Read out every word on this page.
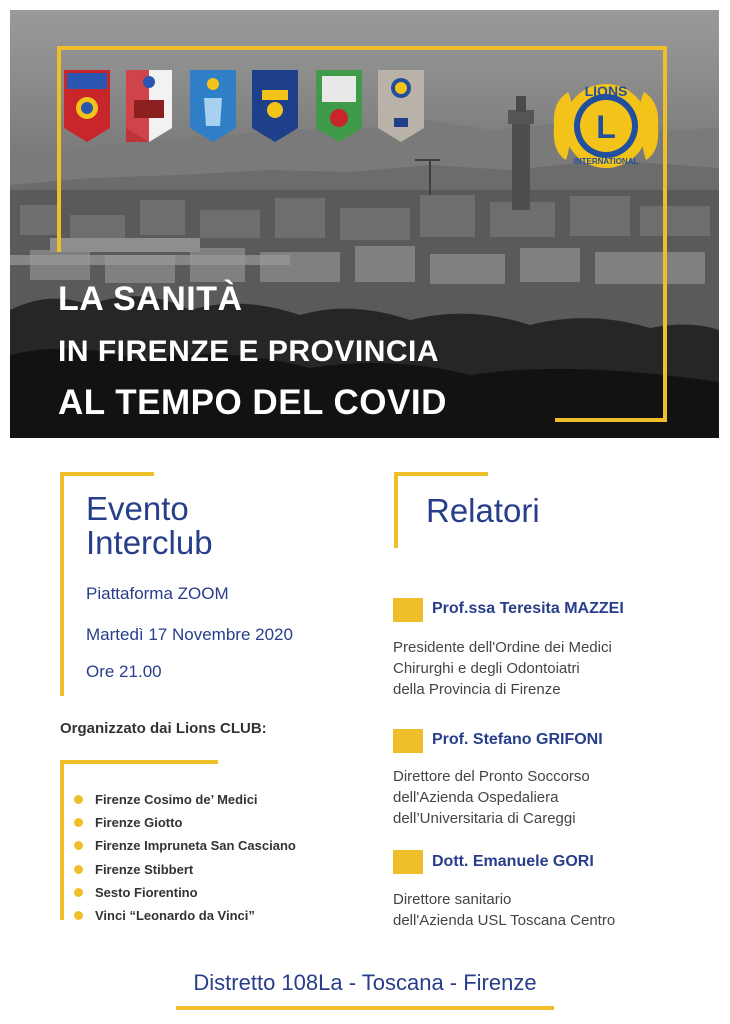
LIONS
L
INTERNATIONAL
LA SANITÀ
IN FIRENZE E PROVINCIA
AL TEMPO DEL COVID
Evento
Interclub
Piattaforma ZOOM
Martedì 17 Novembre 2020
Ore 21.00
Organizzato dai Lions CLUB:
Firenze Cosimo de’ Medici
Firenze Giotto
Firenze Impruneta San Casciano
Firenze Stibbert
Sesto Fiorentino
Vinci “Leonardo da Vinci”
Relatori
Prof.ssa Teresita MAZZEI
Presidente dell'Ordine dei Medici
Chirurghi e degli Odontoiatri
della Provincia di Firenze
Prof. Stefano GRIFONI
Direttore del Pronto Soccorso
dell'Azienda Ospedaliera
dell’Universitaria di Careggi
Dott. Emanuele GORI
Direttore sanitario
dell'Azienda USL Toscana Centro
Distretto 108La - Toscana - Firenze
